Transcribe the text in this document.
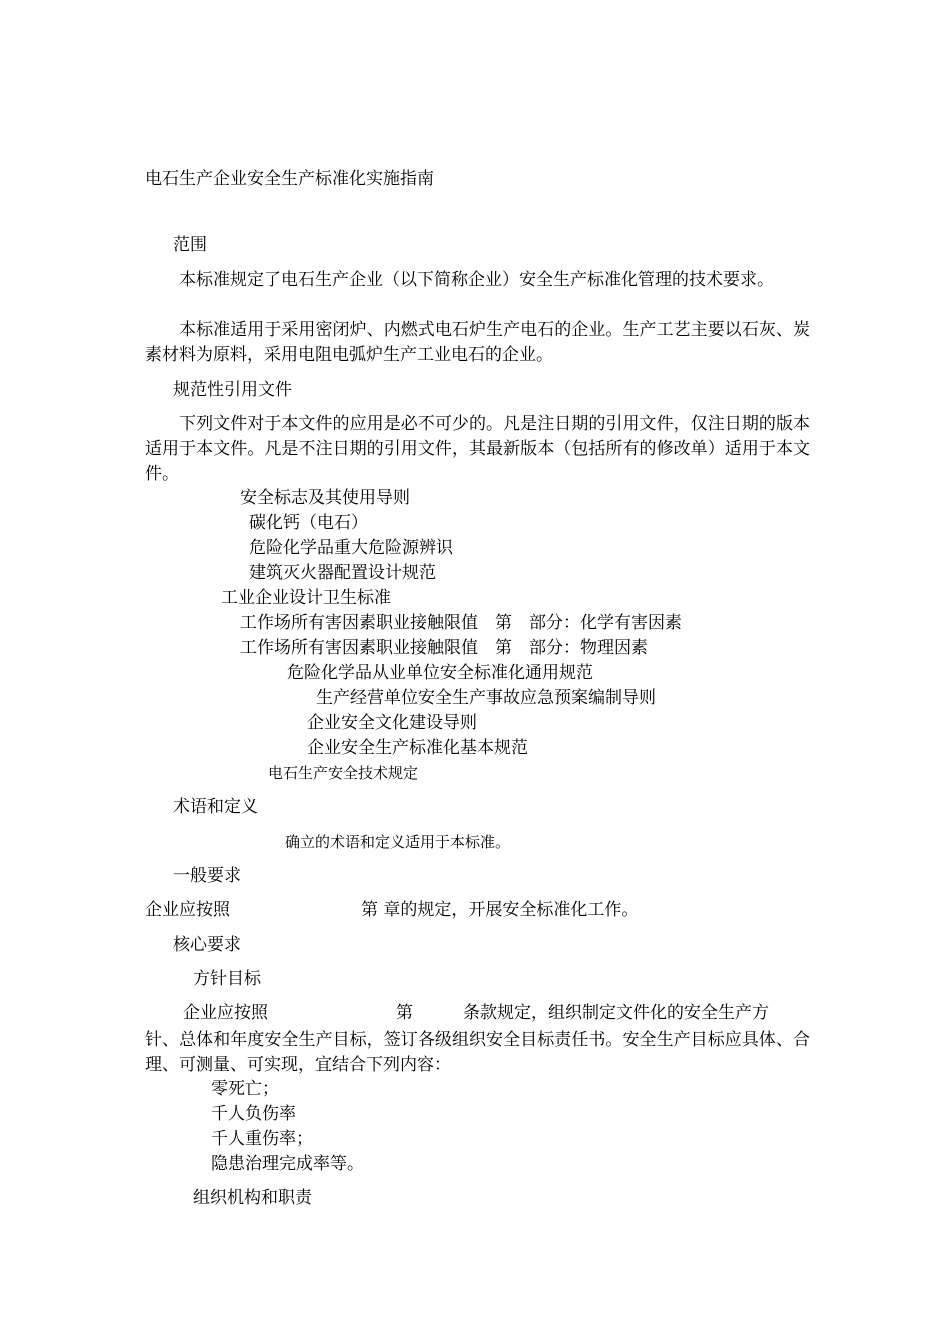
电石生产企业安全生产标准化实施指南
范围
本标准规定了电石生产企业（以下简称企业）安全生产标准化管理的技术要求。
本标准适用于采用密闭炉、内燃式电石炉生产电石的企业。生产工艺主要以石灰、炭素材料为原料，采用电阻电弧炉生产工业电石的企业。
规范性引用文件
下列文件对于本文件的应用是必不可少的。凡是注日期的引用文件，仅注日期的版本适用于本文件。凡是不注日期的引用文件，其最新版本（包括所有的修改单）适用于本文件。
安全标志及其使用导则
碳化钙（电石）
危险化学品重大危险源辨识
建筑灭火器配置设计规范
工业企业设计卫生标准
工作场所有害因素职业接触限值　第　部分：化学有害因素
工作场所有害因素职业接触限值　第　部分：物理因素
危险化学品从业单位安全标准化通用规范
生产经营单位安全生产事故应急预案编制导则
企业安全文化建设导则
企业安全生产标准化基本规范
电石生产安全技术规定
术语和定义
确立的术语和定义适用于本标准。
一般要求
企业应按照	第 章的规定，开展安全标准化工作。
核心要求
方针目标
企业应按照	第	条款规定，组织制定文件化的安全生产方
针、总体和年度安全生产目标，签订各级组织安全目标责任书。安全生产目标应具体、合理、可测量、可实现，宜结合下列内容：
零死亡；
千人负伤率
千人重伤率；
隐患治理完成率等。
组织机构和职责
